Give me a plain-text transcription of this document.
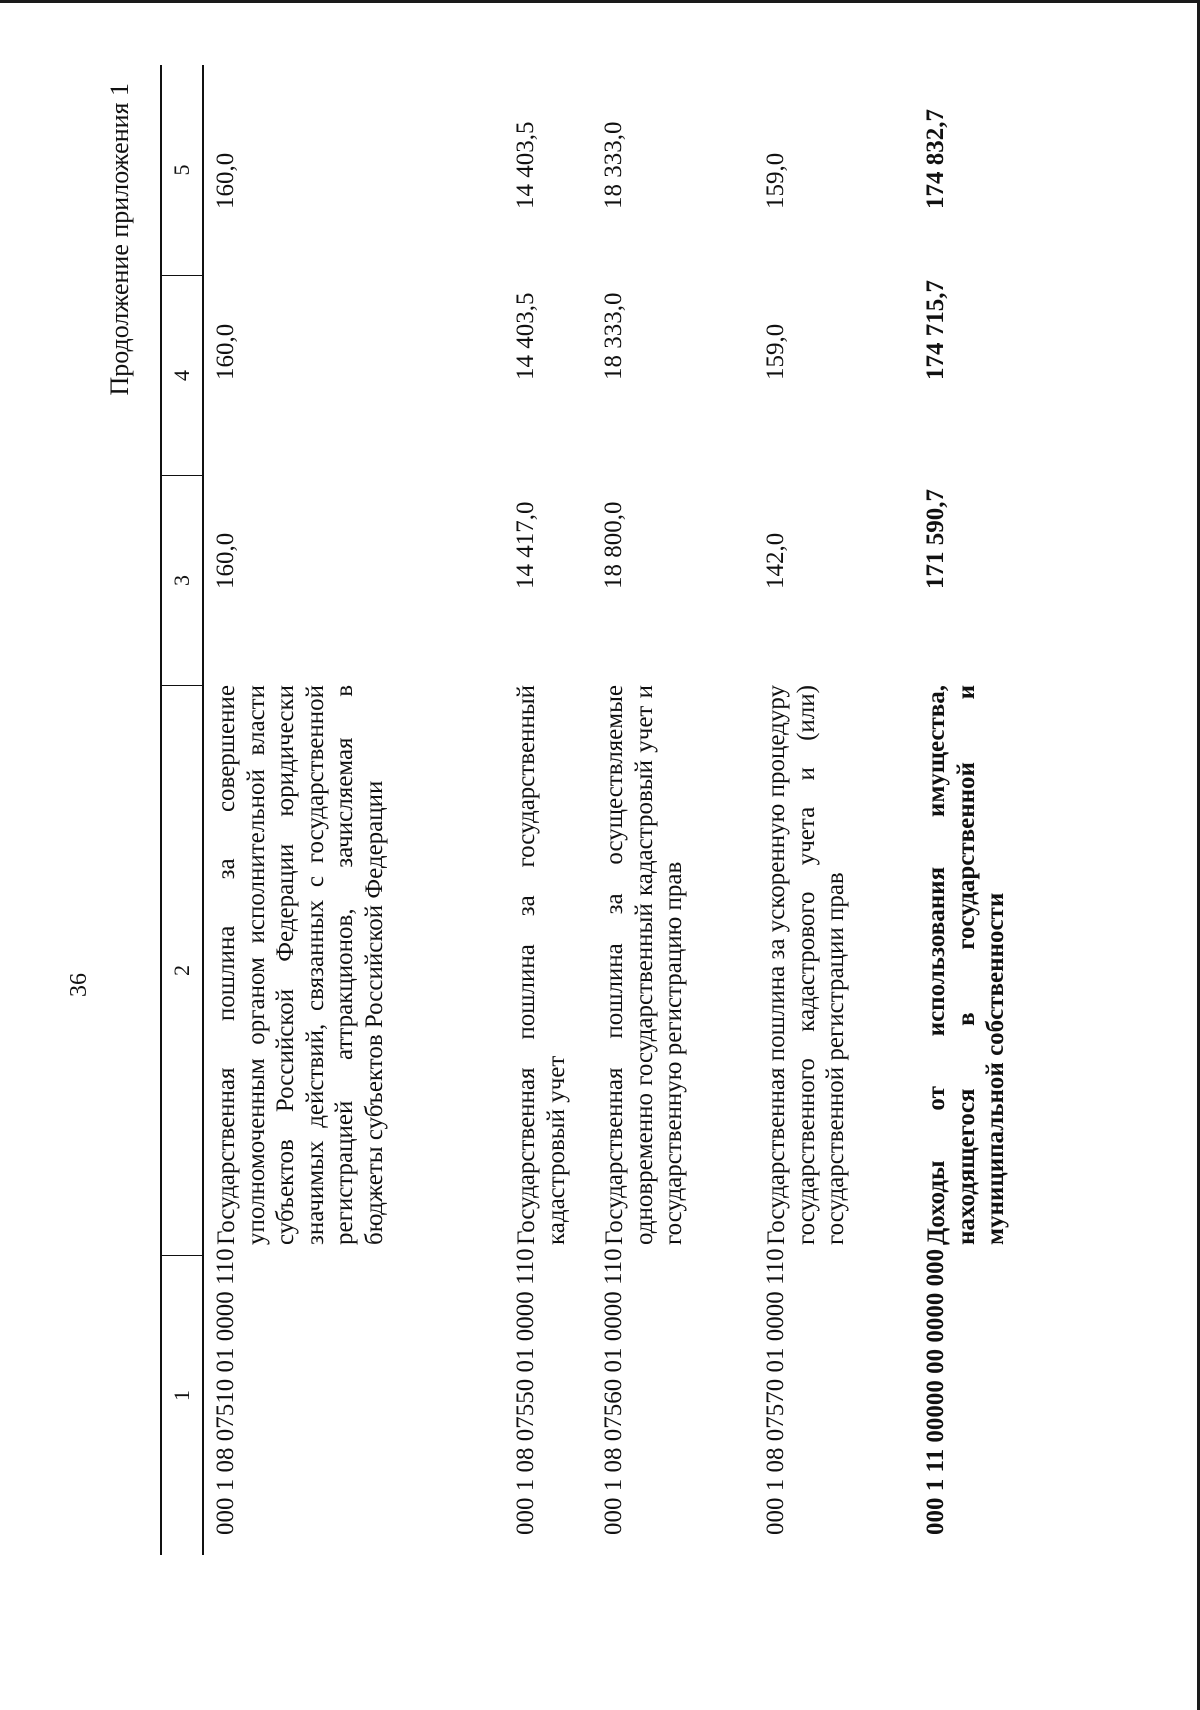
36
Продолжение приложения 1
1
2
3
4
5
000 1 08 07510 01 0000 110
Государственная пошлина за совершение уполномоченным органом исполнительной власти субъектов Российской Федерации юридически значимых действий, связанных с государственной регистрацией аттракционов, зачисляемая в бюджеты субъектов Российской Федерации
160,0
160,0
160,0
000 1 08 07550 01 0000 110
Государственная пошлина за государственный кадастровый учет
14 417,0
14 403,5
14 403,5
000 1 08 07560 01 0000 110
Государственная пошлина за осуществляемые одновременно государственный кадастровый учет и государственную регистрацию прав
18 800,0
18 333,0
18 333,0
000 1 08 07570 01 0000 110
Государственная пошлина за ускоренную процедуру государственного кадастрового учета и (или) государственной регистрации прав
142,0
159,0
159,0
000 1 11 00000 00 0000 000
Доходы от использования имущества, находящегося в государственной и муниципальной собственности
171 590,7
174 715,7
174 832,7
